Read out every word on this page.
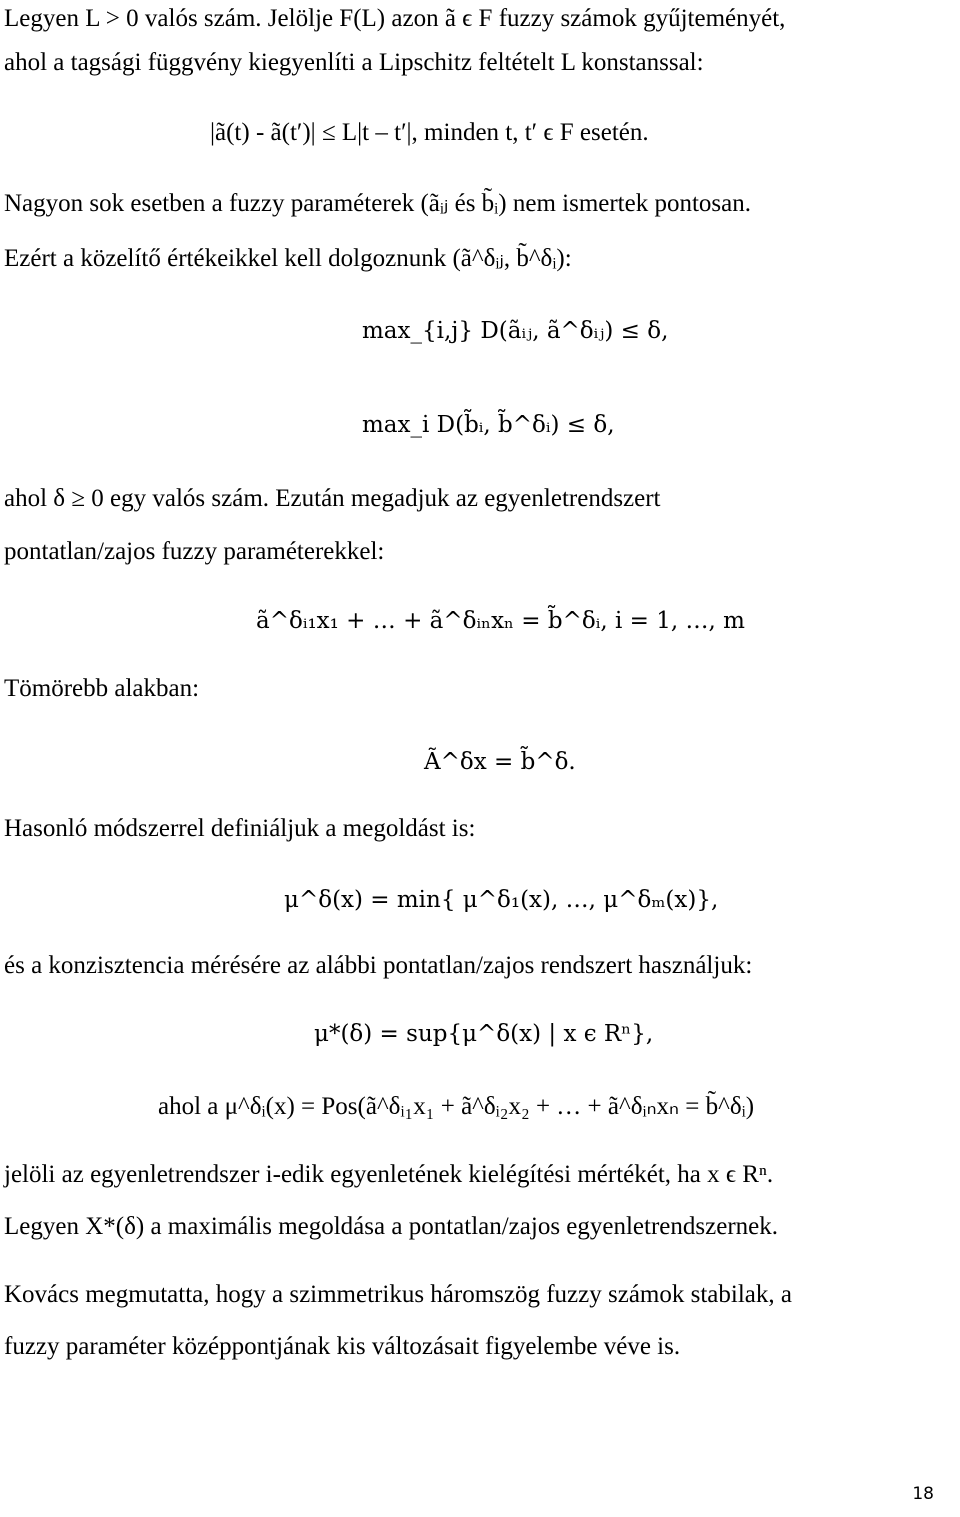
Legyen L > 0 valós szám. Jelölje F(L) azon ã ϵ F fuzzy számok gyűjteményét,
ahol a tagsági függvény kiegyenlíti a Lipschitz feltételt L konstanssal:
|ã(t) - ã(t′)| ≤ L|t – t′|, minden t, t′ ϵ F esetén.
Nagyon sok esetben a fuzzy paraméterek (ãᵢⱼ és b̃ᵢ) nem ismertek pontosan.
Ezért a közelítő értékeikkel kell dolgoznunk (ã^δᵢⱼ, b̃^δᵢ):
max_{i,j} D(ãᵢⱼ, ã^δᵢⱼ) ≤ δ,
max_i D(b̃ᵢ, b̃^δᵢ) ≤ δ,
ahol δ ≥ 0 egy valós szám. Ezután megadjuk az egyenletrendszert
pontatlan/zajos fuzzy paraméterekkel:
ã^δᵢ₁x₁ + … + ã^δᵢₙxₙ = b̃^δᵢ, i = 1, …, m
Tömörebb alakban:
Ã^δx = b̃^δ.
Hasonló módszerrel definiáljuk a megoldást is:
μ^δ(x) = min{ μ^δ₁(x), …, μ^δₘ(x)},
és a konzisztencia mérésére az alábbi pontatlan/zajos rendszert használjuk:
μ*(δ) = sup{μ^δ(x) | x ϵ Rⁿ},
ahol a μ^δᵢ(x) = Pos(ã^δᵢ₁x₁ + ã^δᵢ₂x₂ + … + ã^δᵢₙxₙ = b̃^δᵢ)
jelöli az egyenletrendszer i-edik egyenletének kielégítési mértékét, ha x ϵ Rⁿ.
Legyen X*(δ) a maximális megoldása a pontatlan/zajos egyenletrendszernek.
Kovács megmutatta, hogy a szimmetrikus háromszög fuzzy számok stabilak, a
fuzzy paraméter középpontjának kis változásait figyelembe véve is.
18
